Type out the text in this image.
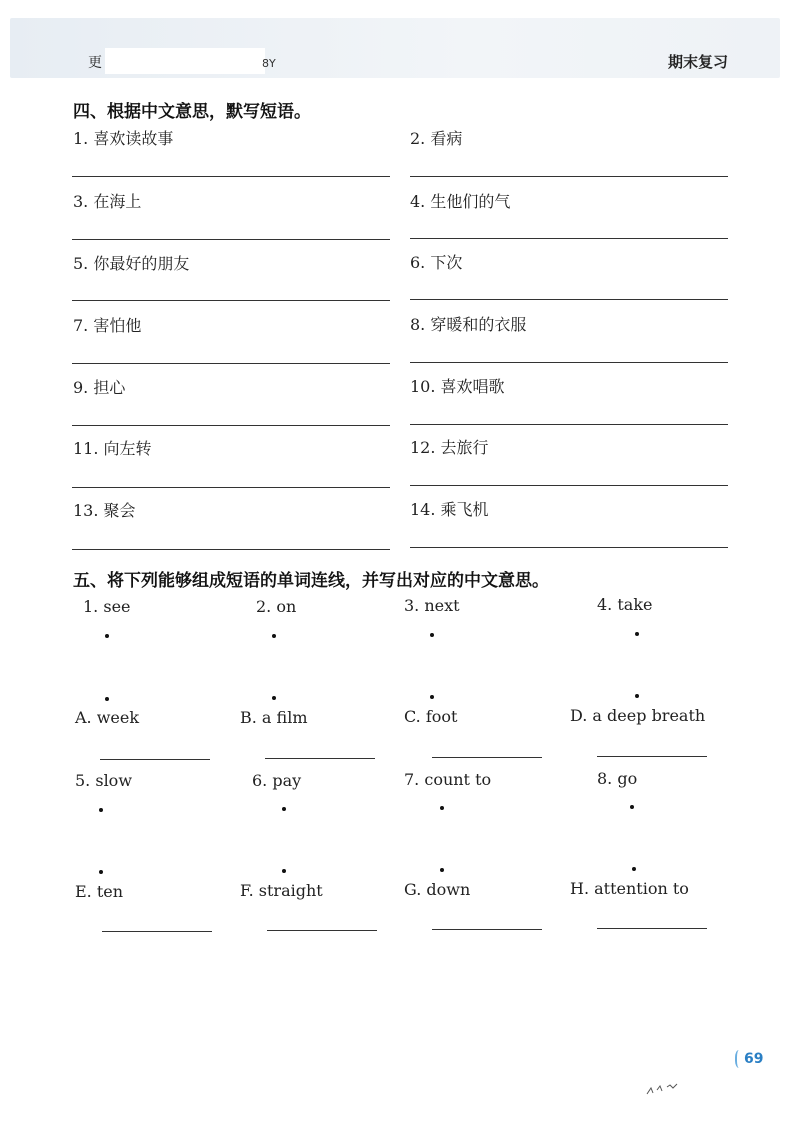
更	8Y	期末复习
四、根据中文意思，默写短语。
1. 喜欢读故事	2. 看病
3. 在海上	4. 生他们的气
5. 你最好的朋友	6. 下次
7. 害怕他	8. 穿暖和的衣服
9. 担心	10. 喜欢唱歌
11. 向左转	12. 去旅行
13. 聚会	14. 乘飞机
五、将下列能够组成短语的单词连线，并写出对应的中文意思。
1. see	2. on	3. next	4. take
A. week	B. a film	C. foot	D. a deep breath
5. slow	6. pay	7. count to	8. go
E. ten	F. straight	G. down	H. attention to
69
